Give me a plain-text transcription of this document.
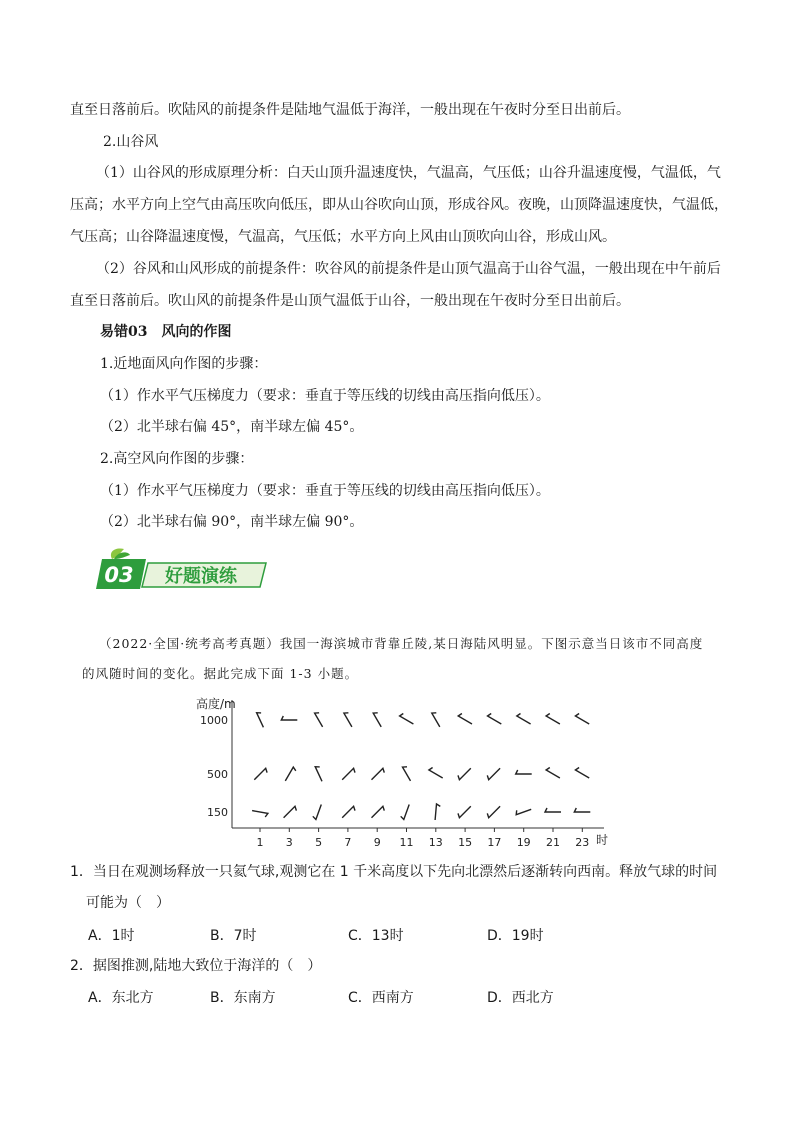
直至日落前后。吹陆风的前提条件是陆地气温低于海洋，一般出现在午夜时分至日出前后。
2.山谷风
（1）山谷风的形成原理分析：白天山顶升温速度快，气温高，气压低；山谷升温速度慢，气温低，气
压高；水平方向上空气由高压吹向低压，即从山谷吹向山顶，形成谷风。夜晚，山顶降温速度快，气温低，
气压高；山谷降温速度慢，气温高，气压低；水平方向上风由山顶吹向山谷，形成山风。
（2）谷风和山风形成的前提条件：吹谷风的前提条件是山顶气温高于山谷气温，一般出现在中午前后
直至日落前后。吹山风的前提条件是山顶气温低于山谷，一般出现在午夜时分至日出前后。
易错03　风向的作图
1.近地面风向作图的步骤：
（1）作水平气压梯度力（要求：垂直于等压线的切线由高压指向低压）。
（2）北半球右偏 45°，南半球左偏 45°。
2.高空风向作图的步骤：
（1）作水平气压梯度力（要求：垂直于等压线的切线由高压指向低压）。
（2）北半球右偏 90°，南半球左偏 90°。
03 好题演练
（2022·全国·统考高考真题）我国一海滨城市背靠丘陵,某日海陆风明显。下图示意当日该市不同高度
的风随时间的变化。据此完成下面 1-3 小题。
高度/m
时
1000
500
150
1 3 5 7 9 11 13 15 17 19 21 23
1．当日在观测场释放一只氦气球,观测它在 1 千米高度以下先向北漂然后逐渐转向西南。释放气球的时间
可能为（　）
A．1时	B．7时	C．13时	D．19时
2．据图推测,陆地大致位于海洋的（　）
A．东北方	B．东南方	C．西南方	D．西北方
